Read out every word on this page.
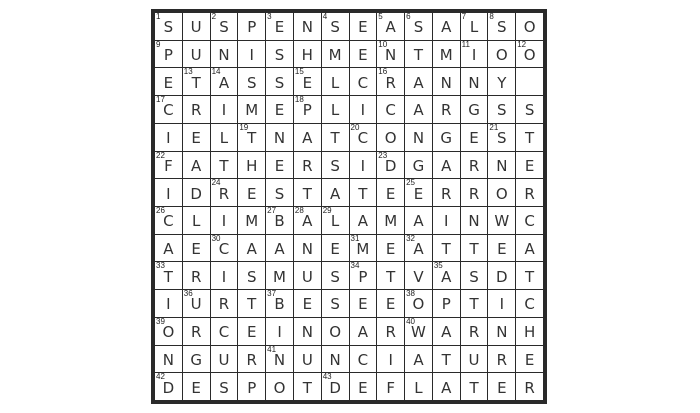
1
S U
2
S P
3
E N
4
S E
5
A
6
S A
7
L
8
S O
9
P U N I S H M E
10
N T M
11
I O
12
O
E
13
T
14
A S S
15
E L C
16
R A N N Y
17
C R I M E
18
P L I C A R G S S
I E L
19
T N A T
20
C O N G E
21
S T
22
F A T H E R S I
23
D G A R N E
I D
24
R E S T A T E
25
E R R O R
26
C L I M
27
B
28
A
29
L A M A I N W C
A E
30
C A A N E
31
M E
32
A T T E A
33
T R I S M U S
34
P T V
35
A S D T
I
36
U R T
37
B E S E E
38
O P T I C
39
O R C E I N O A R
40
W A R N H
N G U R
41
N U N C I A T U R E
42
D E S P O T
43
D E F L A T E R
